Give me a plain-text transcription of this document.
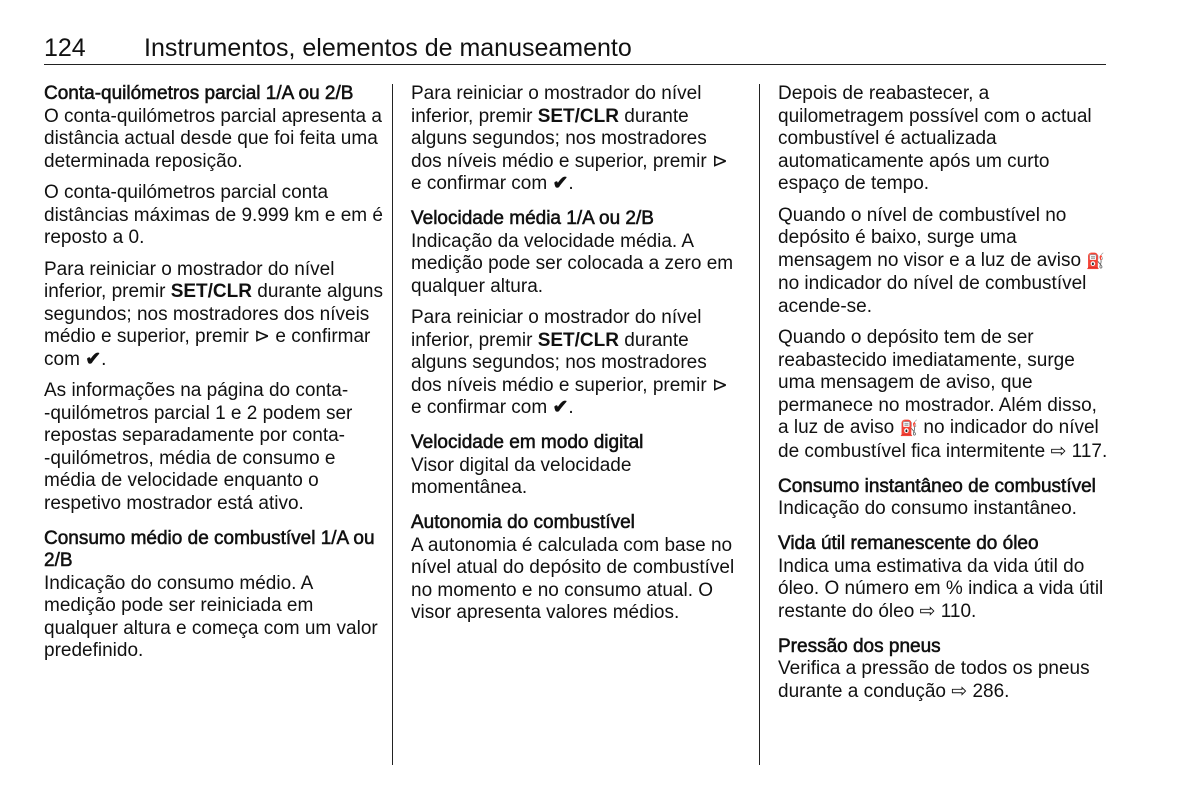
124 Instrumentos, elementos de manuseamento
Conta-quilómetros parcial 1/A ou 2/B
O conta-quilómetros parcial apresenta a distância actual desde que foi feita uma determinada reposição.
O conta-quilómetros parcial conta distâncias máximas de 9.999 km e em é reposto a 0.
Para reiniciar o mostrador do nível inferior, premir SET/CLR durante alguns segundos; nos mostradores dos níveis médio e superior, premir ⊳ e confirmar com ✔.
As informações na página do conta-
-quilómetros parcial 1 e 2 podem ser
repostas separadamente por conta-
-quilómetros, média de consumo e
média de velocidade enquanto o
respetivo mostrador está ativo.
Consumo médio de combustível 1/A ou 2/B
Indicação do consumo médio. A medição pode ser reiniciada em qualquer altura e começa com um valor predefinido.
Para reiniciar o mostrador do nível inferior, premir SET/CLR durante alguns segundos; nos mostradores dos níveis médio e superior, premir ⊳ e confirmar com ✔.
Velocidade média 1/A ou 2/B
Indicação da velocidade média. A medição pode ser colocada a zero em qualquer altura.
Para reiniciar o mostrador do nível inferior, premir SET/CLR durante alguns segundos; nos mostradores dos níveis médio e superior, premir ⊳ e confirmar com ✔.
Velocidade em modo digital
Visor digital da velocidade momentânea.
Autonomia do combustível
A autonomia é calculada com base no nível atual do depósito de combustível no momento e no consumo atual. O visor apresenta valores médios.
Depois de reabastecer, a quilometragem possível com o actual combustível é actualizada automaticamente após um curto espaço de tempo.
Quando o nível de combustível no depósito é baixo, surge uma mensagem no visor e a luz de aviso ⛽ no indicador do nível de combustível acende-se.
Quando o depósito tem de ser reabastecido imediatamente, surge uma mensagem de aviso, que permanece no mostrador. Além disso, a luz de aviso ⛽ no indicador do nível de combustível fica intermitente ⇨ 117.
Consumo instantâneo de combustível
Indicação do consumo instantâneo.
Vida útil remanescente do óleo
Indica uma estimativa da vida útil do óleo. O número em % indica a vida útil restante do óleo ⇨ 110.
Pressão dos pneus
Verifica a pressão de todos os pneus durante a condução ⇨ 286.
